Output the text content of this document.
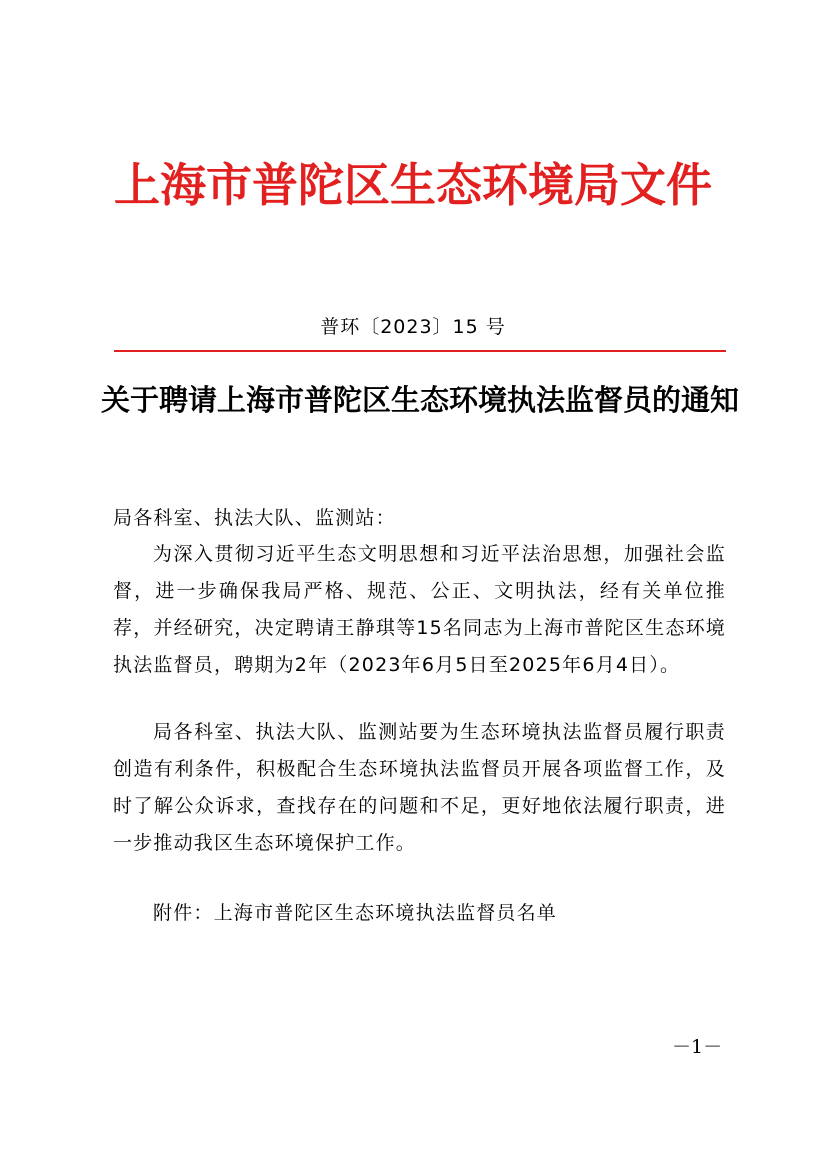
上海市普陀区生态环境局文件
普环〔2023〕15 号
关于聘请上海市普陀区生态环境执法监督员的通知
局各科室、执法大队、监测站：
为深入贯彻习近平生态文明思想和习近平法治思想，加强社会监督，进一步确保我局严格、规范、公正、文明执法，经有关单位推荐，并经研究，决定聘请王静琪等15名同志为上海市普陀区生态环境执法监督员，聘期为2年（2023年6月5日至2025年6月4日）。
局各科室、执法大队、监测站要为生态环境执法监督员履行职责创造有利条件，积极配合生态环境执法监督员开展各项监督工作，及时了解公众诉求，查找存在的问题和不足，更好地依法履行职责，进一步推动我区生态环境保护工作。
附件：上海市普陀区生态环境执法监督员名单
－1－
